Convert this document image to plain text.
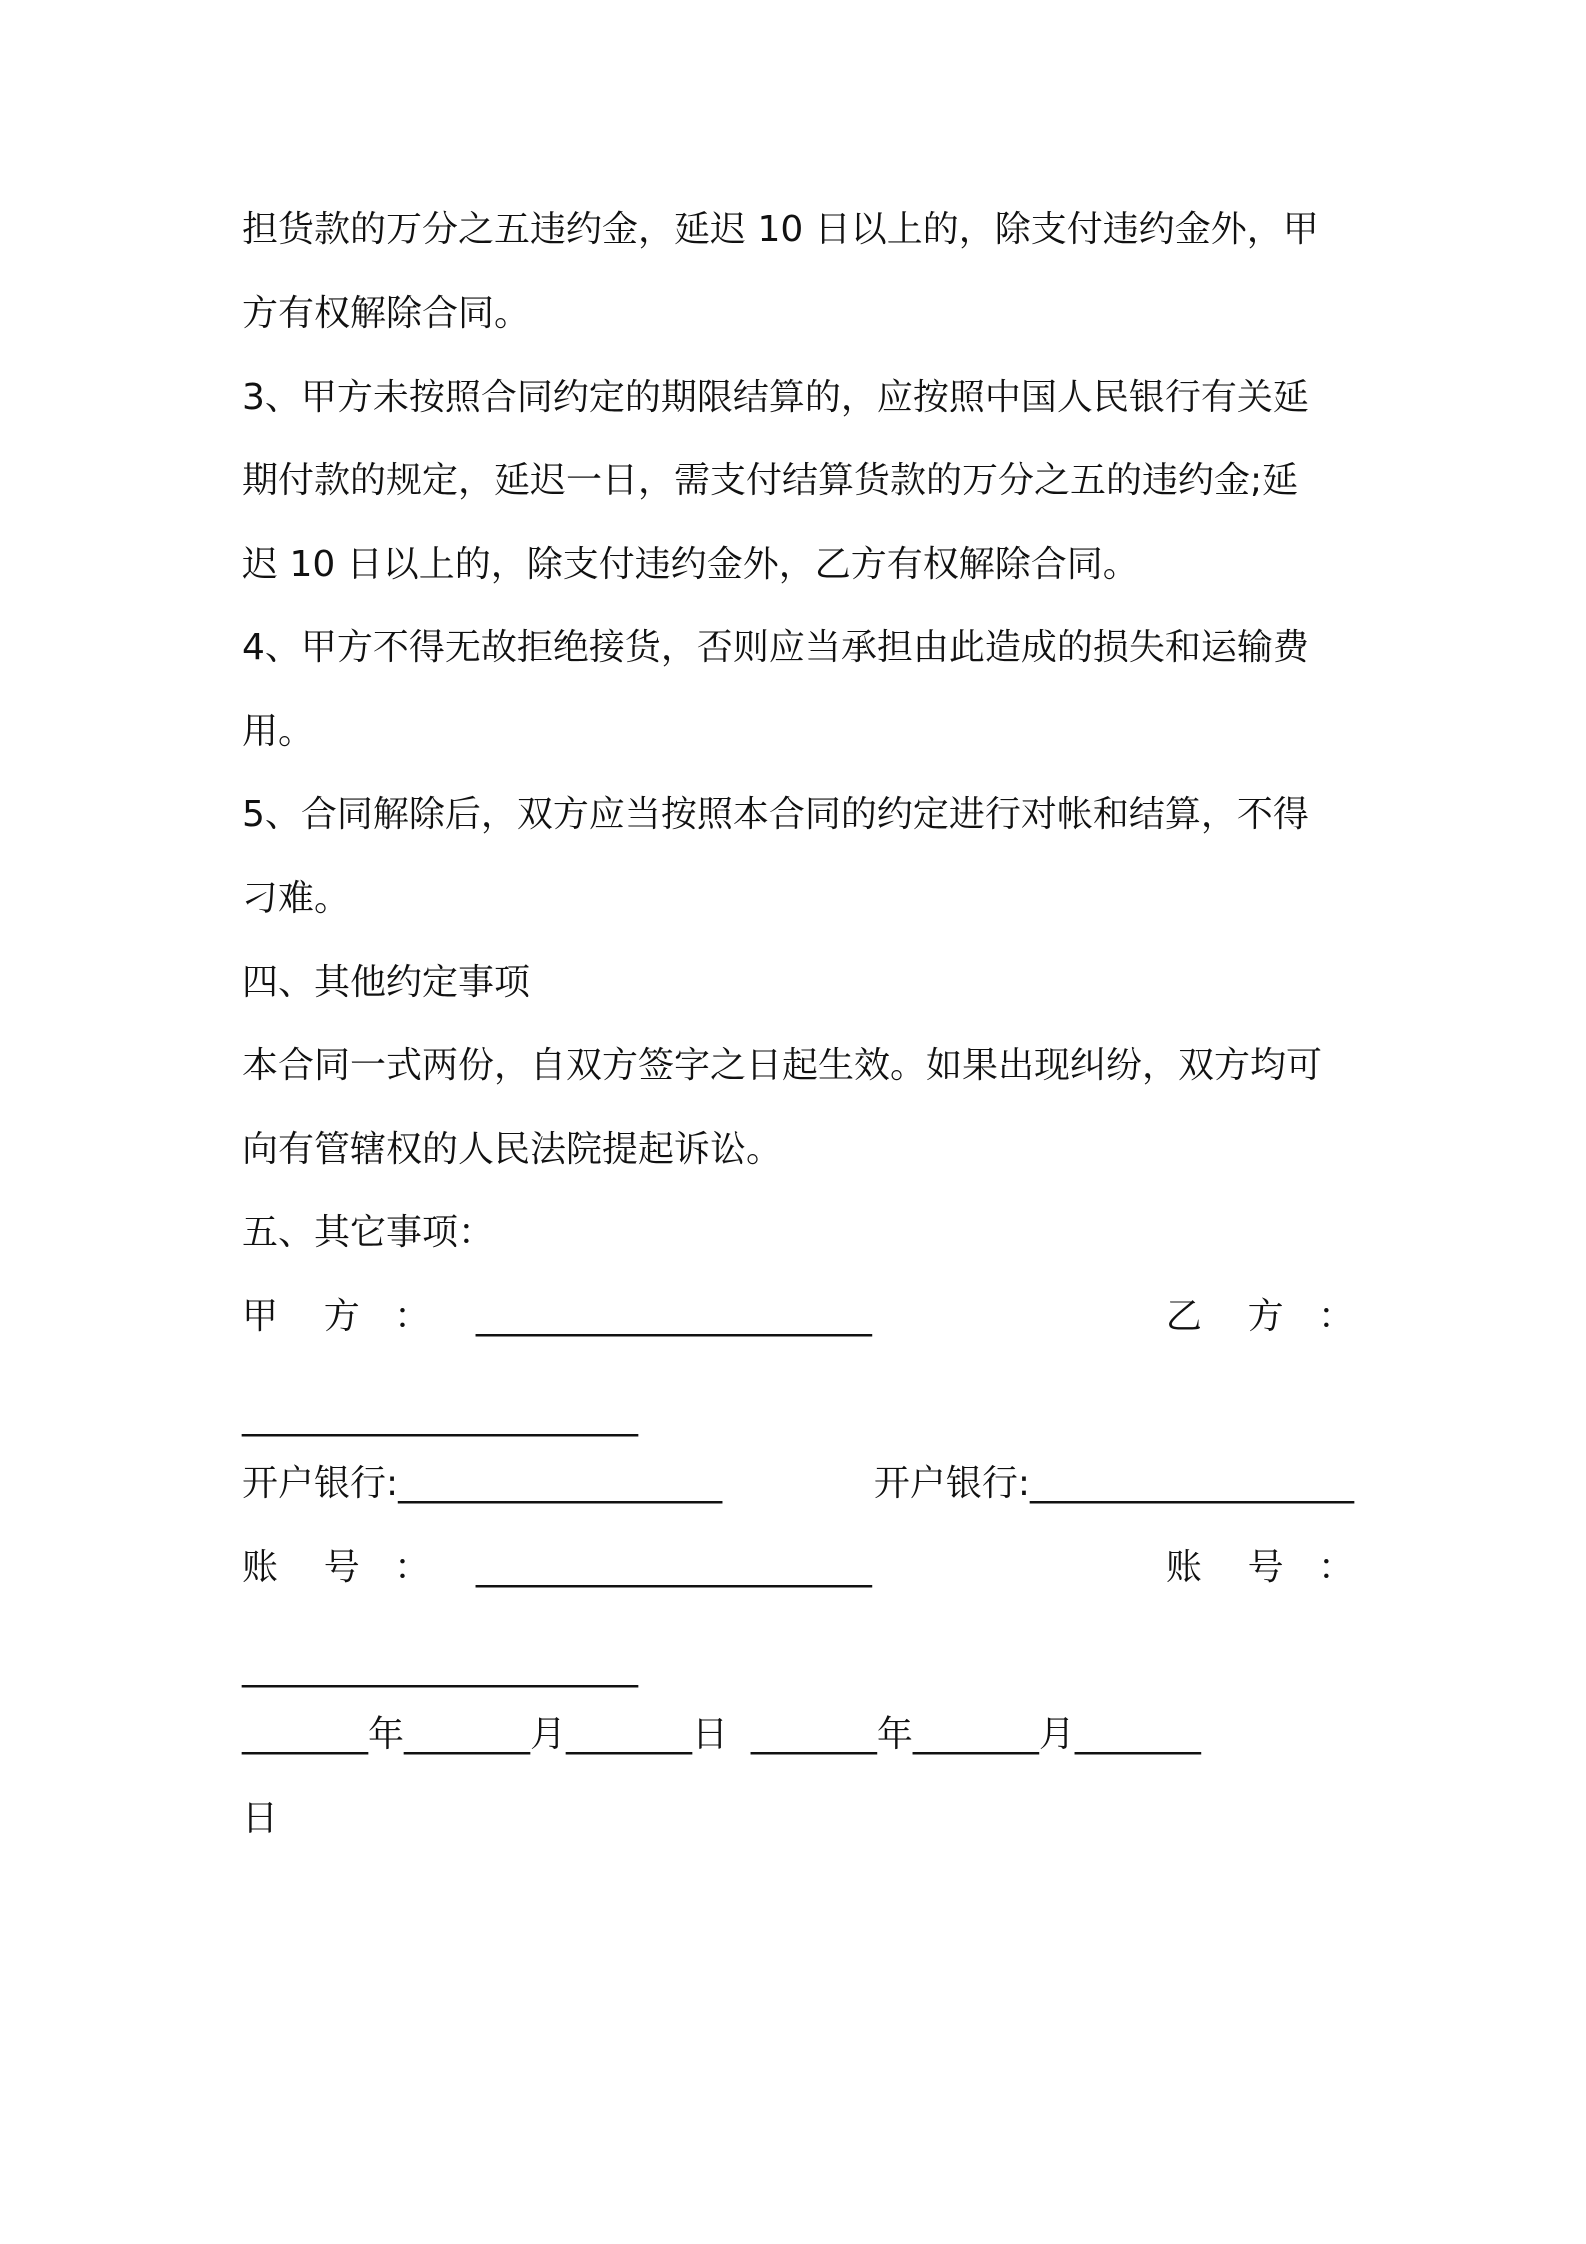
担货款的万分之五违约金，延迟 10 日以上的，除支付违约金外，甲
方有权解除合同。
3、甲方未按照合同约定的期限结算的，应按照中国人民银行有关延
期付款的规定，延迟一日，需支付结算货款的万分之五的违约金;延
迟 10 日以上的，除支付违约金外，乙方有权解除合同。
4、甲方不得无故拒绝接货，否则应当承担由此造成的损失和运输费
用。
5、合同解除后，双方应当按照本合同的约定进行对帐和结算，不得
刁难。
四、其他约定事项
本合同一式两份，自双方签字之日起生效。如果出现纠纷，双方均可
向有管辖权的人民法院提起诉讼。
五、其它事项：
甲    方   ：    ______________________	乙    方   ：
______________________
开户银行:__________________	开户银行:__________________
账    号   ：    ______________________	账    号   ：
______________________
_______年_______月_______日  _______年_______月_______
日
